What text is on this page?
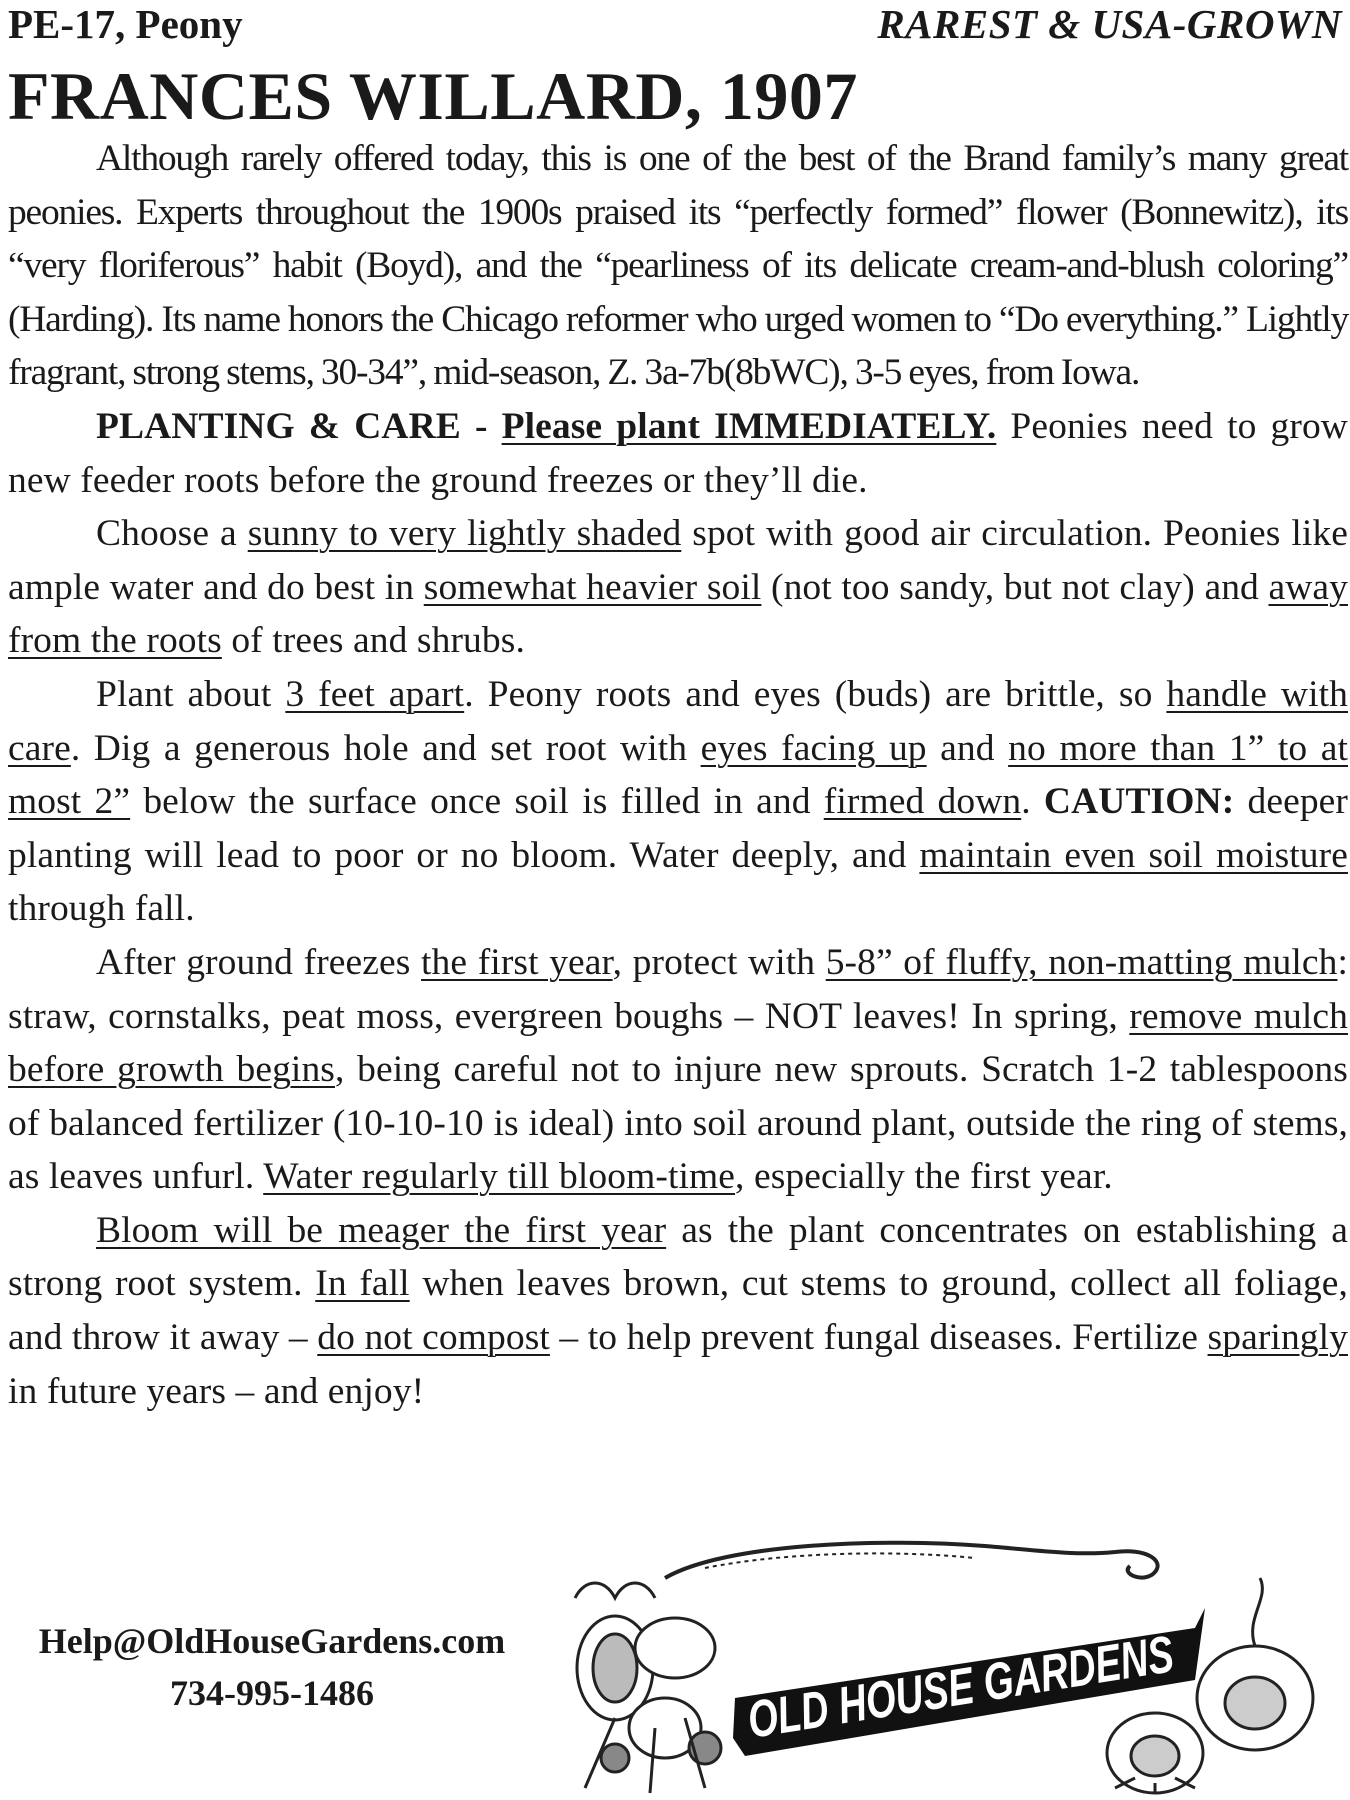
PE-17, Peony	RAREST & USA-GROWN
FRANCES WILLARD, 1907

Although rarely offered today, this is one of the best of the Brand family’s many great peonies. Experts throughout the 1900s praised its “perfectly formed” flower (Bonnewitz), its “very floriferous” habit (Boyd), and the “pearliness of its delicate cream-and-blush coloring” (Harding). Its name honors the Chicago reformer who urged women to “Do everything.” Lightly fragrant, strong stems, 30-34”, mid-season, Z. 3a-7b(8bWC), 3-5 eyes, from Iowa.

PLANTING & CARE - Please plant IMMEDIATELY. Peonies need to grow new feeder roots before the ground freezes or they’ll die.

Choose a sunny to very lightly shaded spot with good air circulation. Peonies like ample water and do best in somewhat heavier soil (not too sandy, but not clay) and away from the roots of trees and shrubs.

Plant about 3 feet apart. Peony roots and eyes (buds) are brittle, so handle with care. Dig a generous hole and set root with eyes facing up and no more than 1” to at most 2” below the surface once soil is filled in and firmed down. CAUTION: deeper planting will lead to poor or no bloom. Water deeply, and maintain even soil moisture through fall.

After ground freezes the first year, protect with 5-8” of fluffy, non-matting mulch: straw, cornstalks, peat moss, evergreen boughs – NOT leaves! In spring, remove mulch before growth begins, being careful not to injure new sprouts. Scratch 1-2 tablespoons of balanced fertilizer (10-10-10 is ideal) into soil around plant, outside the ring of stems, as leaves unfurl. Water regularly till bloom-time, especially the first year.

Bloom will be meager the first year as the plant concentrates on establishing a strong root system. In fall when leaves brown, cut stems to ground, collect all foliage, and throw it away – do not compost – to help prevent fungal diseases. Fertilize sparingly in future years – and enjoy!

Help@OldHouseGardens.com
734-995-1486	OLD HOUSE GARDENS
